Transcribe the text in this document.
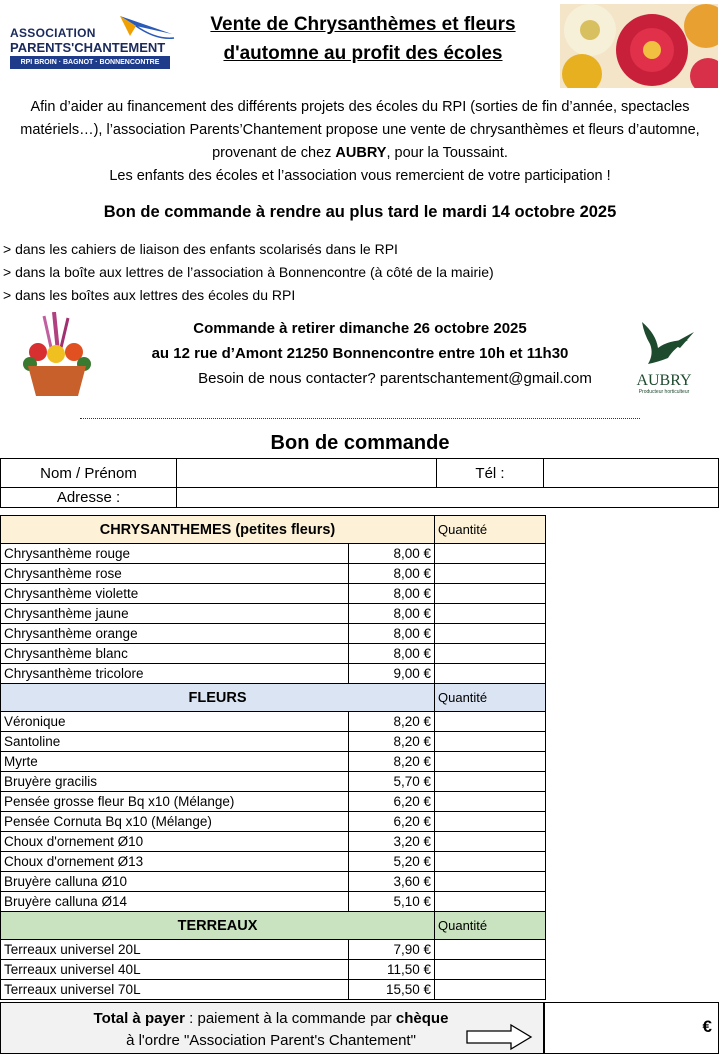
ASSOCIATION
PARENTS'CHANTEMENT
RPI BROIN · BAGNOT · BONNENCONTRE
Vente de Chrysanthèmes et fleurs
d'automne au profit des écoles
Afin d’aider au financement des différents projets des écoles du RPI (sorties de fin d’année, spectacles matériels…), l’association Parents’Chantement propose une vente de chrysanthèmes et fleurs d’automne, provenant de chez AUBRY, pour la Toussaint.
Les enfants des écoles et l’association vous remercient de votre participation !
Bon de commande à rendre au plus tard le mardi 14 octobre 2025
> dans les cahiers de liaison des enfants scolarisés dans le RPI
> dans la boîte aux lettres de l’association à Bonnencontre (à côté de la mairie)
> dans les boîtes aux lettres des écoles du RPI
Commande à retirer dimanche 26 octobre 2025
au 12 rue d’Amont 21250 Bonnencontre entre 10h et 11h30
Besoin de nous contacter? parentschantement@gmail.com	AUBRY
Producteur horticulteur
Bon de commande
Nom / Prénom		Tél :	
Adresse :			
CHRYSANTHEMES (petites fleurs)		Quantité
Chrysanthème rouge	8,00 €	
Chrysanthème rose	8,00 €	
Chrysanthème violette	8,00 €	
Chrysanthème jaune	8,00 €	
Chrysanthème orange	8,00 €	
Chrysanthème blanc	8,00 €	
Chrysanthème tricolore	9,00 €	
FLEURS		Quantité
Véronique	8,20 €	
Santoline	8,20 €	
Myrte	8,20 €	
Bruyère gracilis	5,70 €	
Pensée grosse fleur Bq x10 (Mélange)	6,20 €	
Pensée Cornuta Bq x10 (Mélange)	6,20 €	
Choux d'ornement Ø10	3,20 €	
Choux d'ornement Ø13	5,20 €	
Bruyère calluna Ø10	3,60 €	
Bruyère calluna Ø14	5,10 €	
TERREAUX		Quantité
Terreaux universel 20L	7,90 €	
Terreaux universel 40L	11,50 €	
Terreaux universel 70L	15,50 €	
Total à payer : paiement à la commande par chèque
à l'ordre "Association Parent's Chantement"
€
